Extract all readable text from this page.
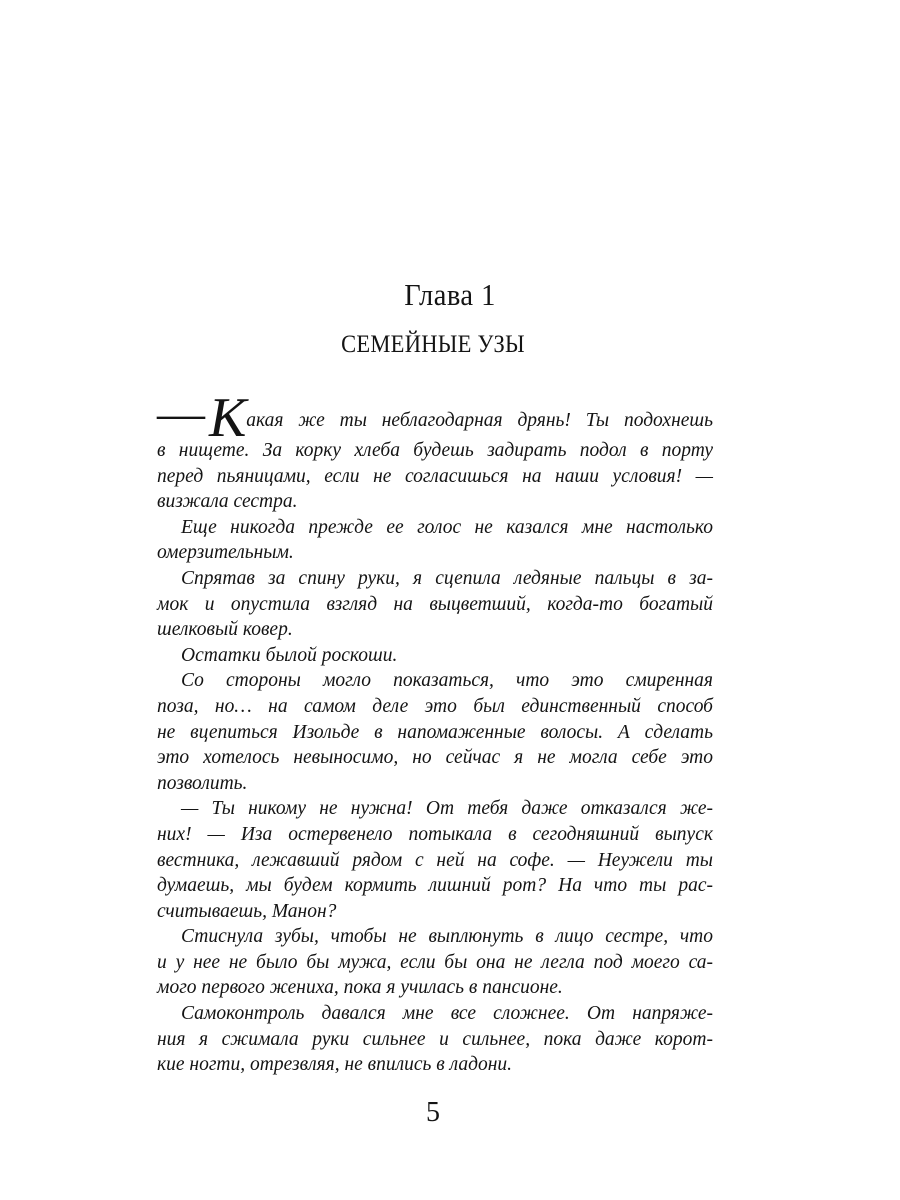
Глава 1
СЕМЕЙНЫЕ УЗЫ
— К акая же ты неблагодарная дрянь! Ты подохнешь
в нищете. За корку хлеба будешь задирать подол в порту
перед пьяницами, если не согласишься на наши условия! —
визжала сестра.
Еще никогда прежде ее голос не казался мне настолько
омерзительным.
Спрятав за спину руки, я сцепила ледяные пальцы в за-
мок и опустила взгляд на выцветший, когда-то богатый
шелковый ковер.
Остатки былой роскоши.
Со стороны могло показаться, что это смиренная
поза, но… на самом деле это был единственный способ
не вцепиться Изольде в напомаженные волосы. А сделать
это хотелось невыносимо, но сейчас я не могла себе это
позволить.
— Ты никому не нужна! От тебя даже отказался же-
них! — Иза остервенело потыкала в сегодняшний выпуск
вестника, лежавший рядом с ней на софе. — Неужели ты
думаешь, мы будем кормить лишний рот? На что ты рас-
считываешь, Манон?
Стиснула зубы, чтобы не выплюнуть в лицо сестре, что
и у нее не было бы мужа, если бы она не легла под моего са-
мого первого жениха, пока я училась в пансионе.
Самоконтроль давался мне все сложнее. От напряже-
ния я сжимала руки сильнее и сильнее, пока даже корот-
кие ногти, отрезвляя, не впились в ладони.
5
